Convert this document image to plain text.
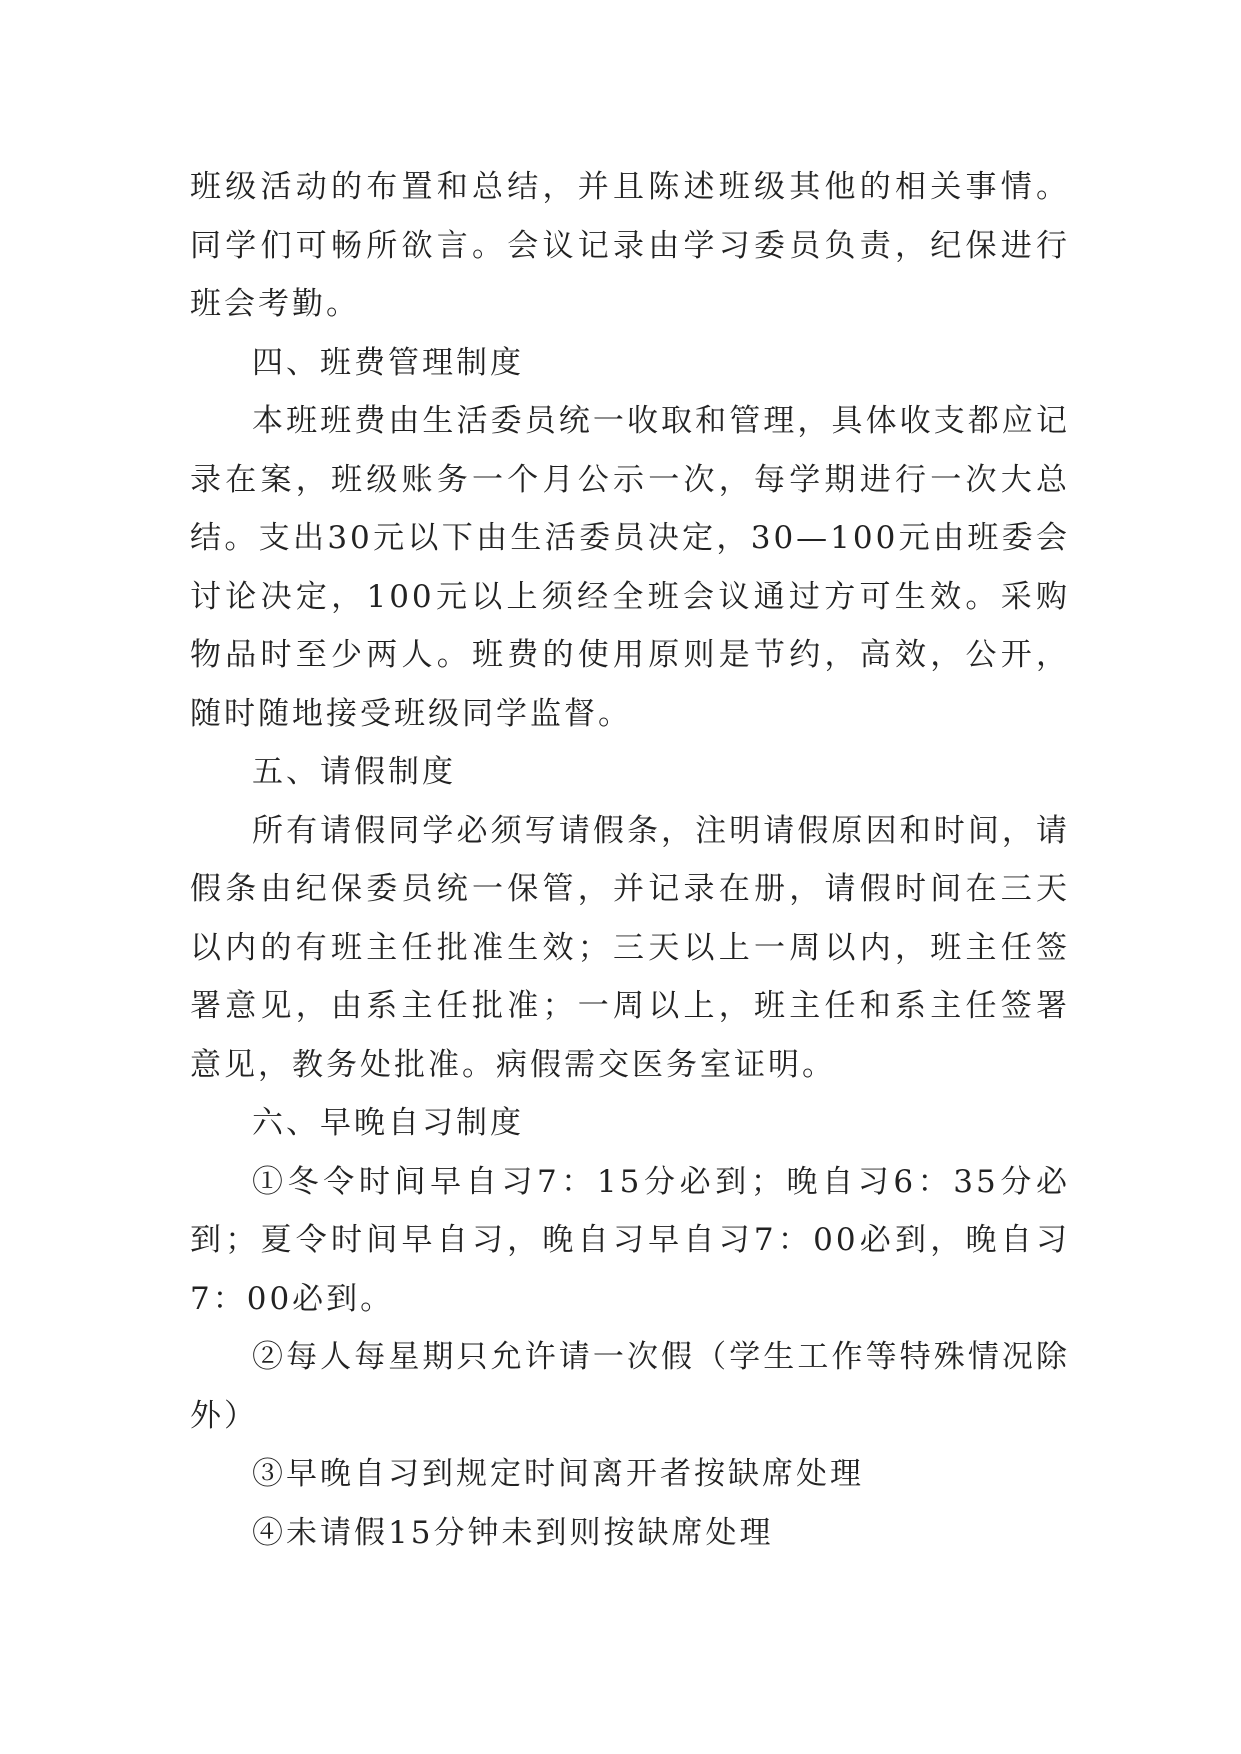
班级活动的布置和总结，并且陈述班级其他的相关事情。同学们可畅所欲言。会议记录由学习委员负责，纪保进行班会考勤。

四、班费管理制度

本班班费由生活委员统一收取和管理，具体收支都应记录在案，班级账务一个月公示一次，每学期进行一次大总结。支出30元以下由生活委员决定，30—100元由班委会讨论决定，100元以上须经全班会议通过方可生效。采购物品时至少两人。班费的使用原则是节约，高效，公开，随时随地接受班级同学监督。

五、请假制度

所有请假同学必须写请假条，注明请假原因和时间，请假条由纪保委员统一保管，并记录在册，请假时间在三天以内的有班主任批准生效；三天以上一周以内，班主任签署意见，由系主任批准；一周以上，班主任和系主任签署意见，教务处批准。病假需交医务室证明。

六、早晚自习制度

①冬令时间早自习7：15分必到；晚自习6：35分必到；夏令时间早自习，晚自习早自习7：00必到，晚自习7：00必到。

②每人每星期只允许请一次假（学生工作等特殊情况除外）

③早晚自习到规定时间离开者按缺席处理

④未请假15分钟未到则按缺席处理
